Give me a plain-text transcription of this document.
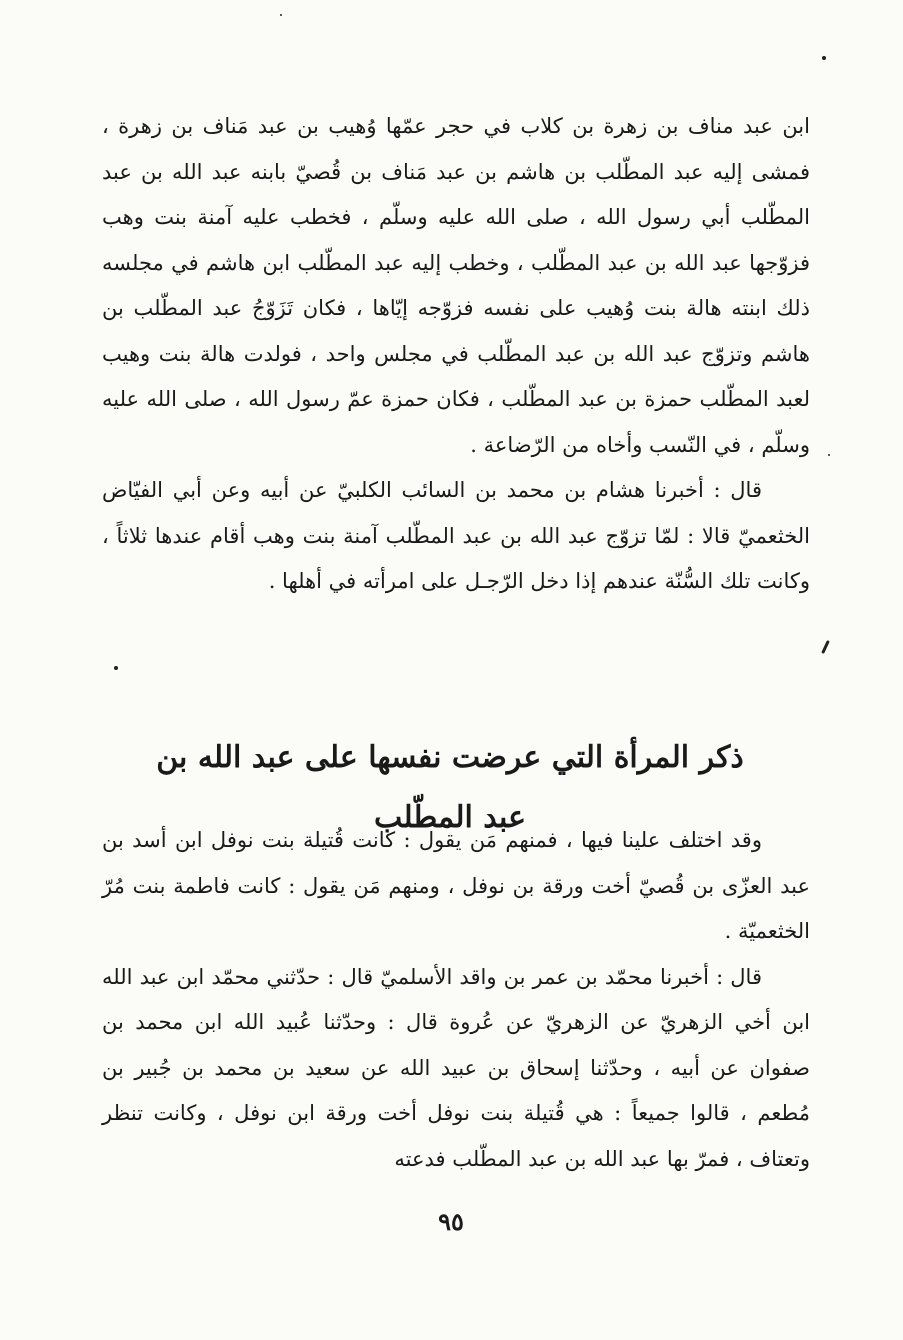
ابن عبد مناف بن زهرة بن كلاب في حجر عمّها وُهيب بن عبد مَناف بن زهرة ، فمشى إليه عبد المطّلب بن هاشم بن عبد مَناف بن قُصيّ بابنه عبد الله بن عبد المطّلب أبي رسول الله ، صلى الله عليه وسلّم ، فخطب عليه آمنة بنت وهب فزوّجها عبد الله بن عبد المطّلب ، وخطب إليه عبد المطّلب ابن هاشم في مجلسه ذلك ابنته هالة بنت وُهيب على نفسه فزوّجه إيّاها ، فكان تَزَوّجُ عبد المطّلب بن هاشم وتزوّج عبد الله بن عبد المطّلب في مجلس واحد ، فولدت هالة بنت وهيب لعبد المطّلب حمزة بن عبد المطّلب ، فكان حمزة عمّ رسول الله ، صلى الله عليه وسلّم ، في النّسب وأخاه من الرّضاعة .

قال : أخبرنا هشام بن محمد بن السائب الكلبيّ عن أبيه وعن أبي الفيّاض الخثعميّ قالا : لمّا تزوّج عبد الله بن عبد المطّلب آمنة بنت وهب أقام عندها ثلاثاً ، وكانت تلك السُّنّة عندهم إذا دخل الرّجـل على امرأته في أهلها .

ذكر المرأة التي عرضت نفسها على عبد الله بن عبد المطّلب

وقد اختلف علينا فيها ، فمنهم مَن يقول : كانت قُتيلة بنت نوفل ابن أسد بن عبد العزّى بن قُصيّ أخت ورقة بن نوفل ، ومنهم مَن يقول : كانت فاطمة بنت مُرّ الخثعميّة .

قال : أخبرنا محمّد بن عمر بن واقد الأسلميّ قال : حدّثني محمّد ابن عبد الله ابن أخي الزهريّ عن الزهريّ عن عُروة قال : وحدّثنا عُبيد الله ابن محمد بن صفوان عن أبيه ، وحدّثنا إسحاق بن عبيد الله عن سعيد بن محمد بن جُبير بن مُطعم ، قالوا جميعاً : هي قُتيلة بنت نوفل أخت ورقة ابن نوفل ، وكانت تنظر وتعتاف ، فمرّ بها عبد الله بن عبد المطّلب فدعته

٩٥
